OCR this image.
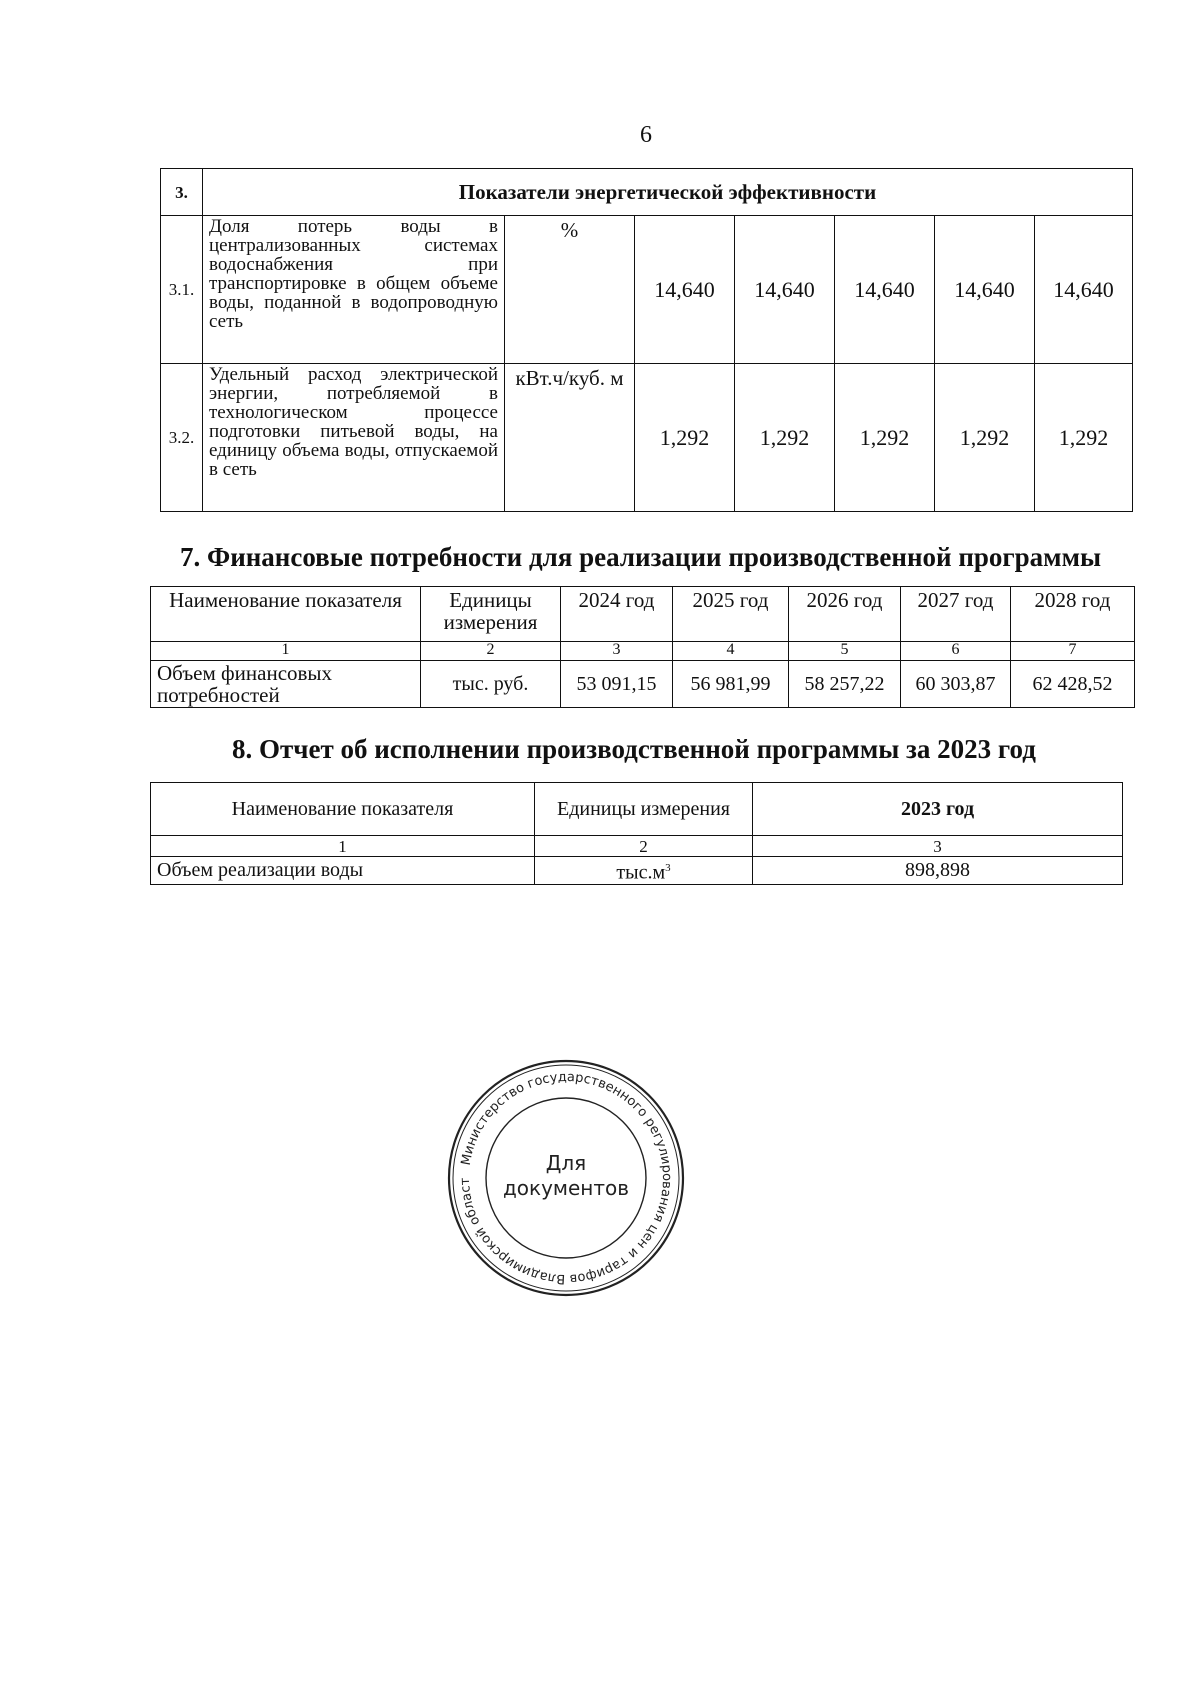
6
3.	Показатели энергетической эффективности						
3.1.	Доля потерь воды в централизованных системах водоснабжения при транспортировке в общем объеме воды, поданной в водопроводную сеть	%	14,640	14,640	14,640	14,640	14,640
3.2.	Удельный расход электрической энергии, потребляемой в технологическом процессе подготовки питьевой воды, на единицу объема воды, отпускаемой в сеть	кВт.ч/куб. м	1,292	1,292	1,292	1,292	1,292
7. Финансовые потребности для реализации производственной программы
Наименование показателя	Единицы измерения	2024 год	2025 год	2026 год	2027 год	2028 год
1	2	3	4	5	6	7
Объем финансовых потребностей	тыс. руб.	53 091,15	56 981,99	58 257,22	60 303,87	62 428,52
8. Отчет об исполнении производственной программы за 2023 год
Наименование показателя	Единицы измерения	2023 год
1	2	3
Объем реализации воды	$тыс.м^3$	898,898
Министерство государственного регулирования цен и тарифов Владимирской област
Для
документов
